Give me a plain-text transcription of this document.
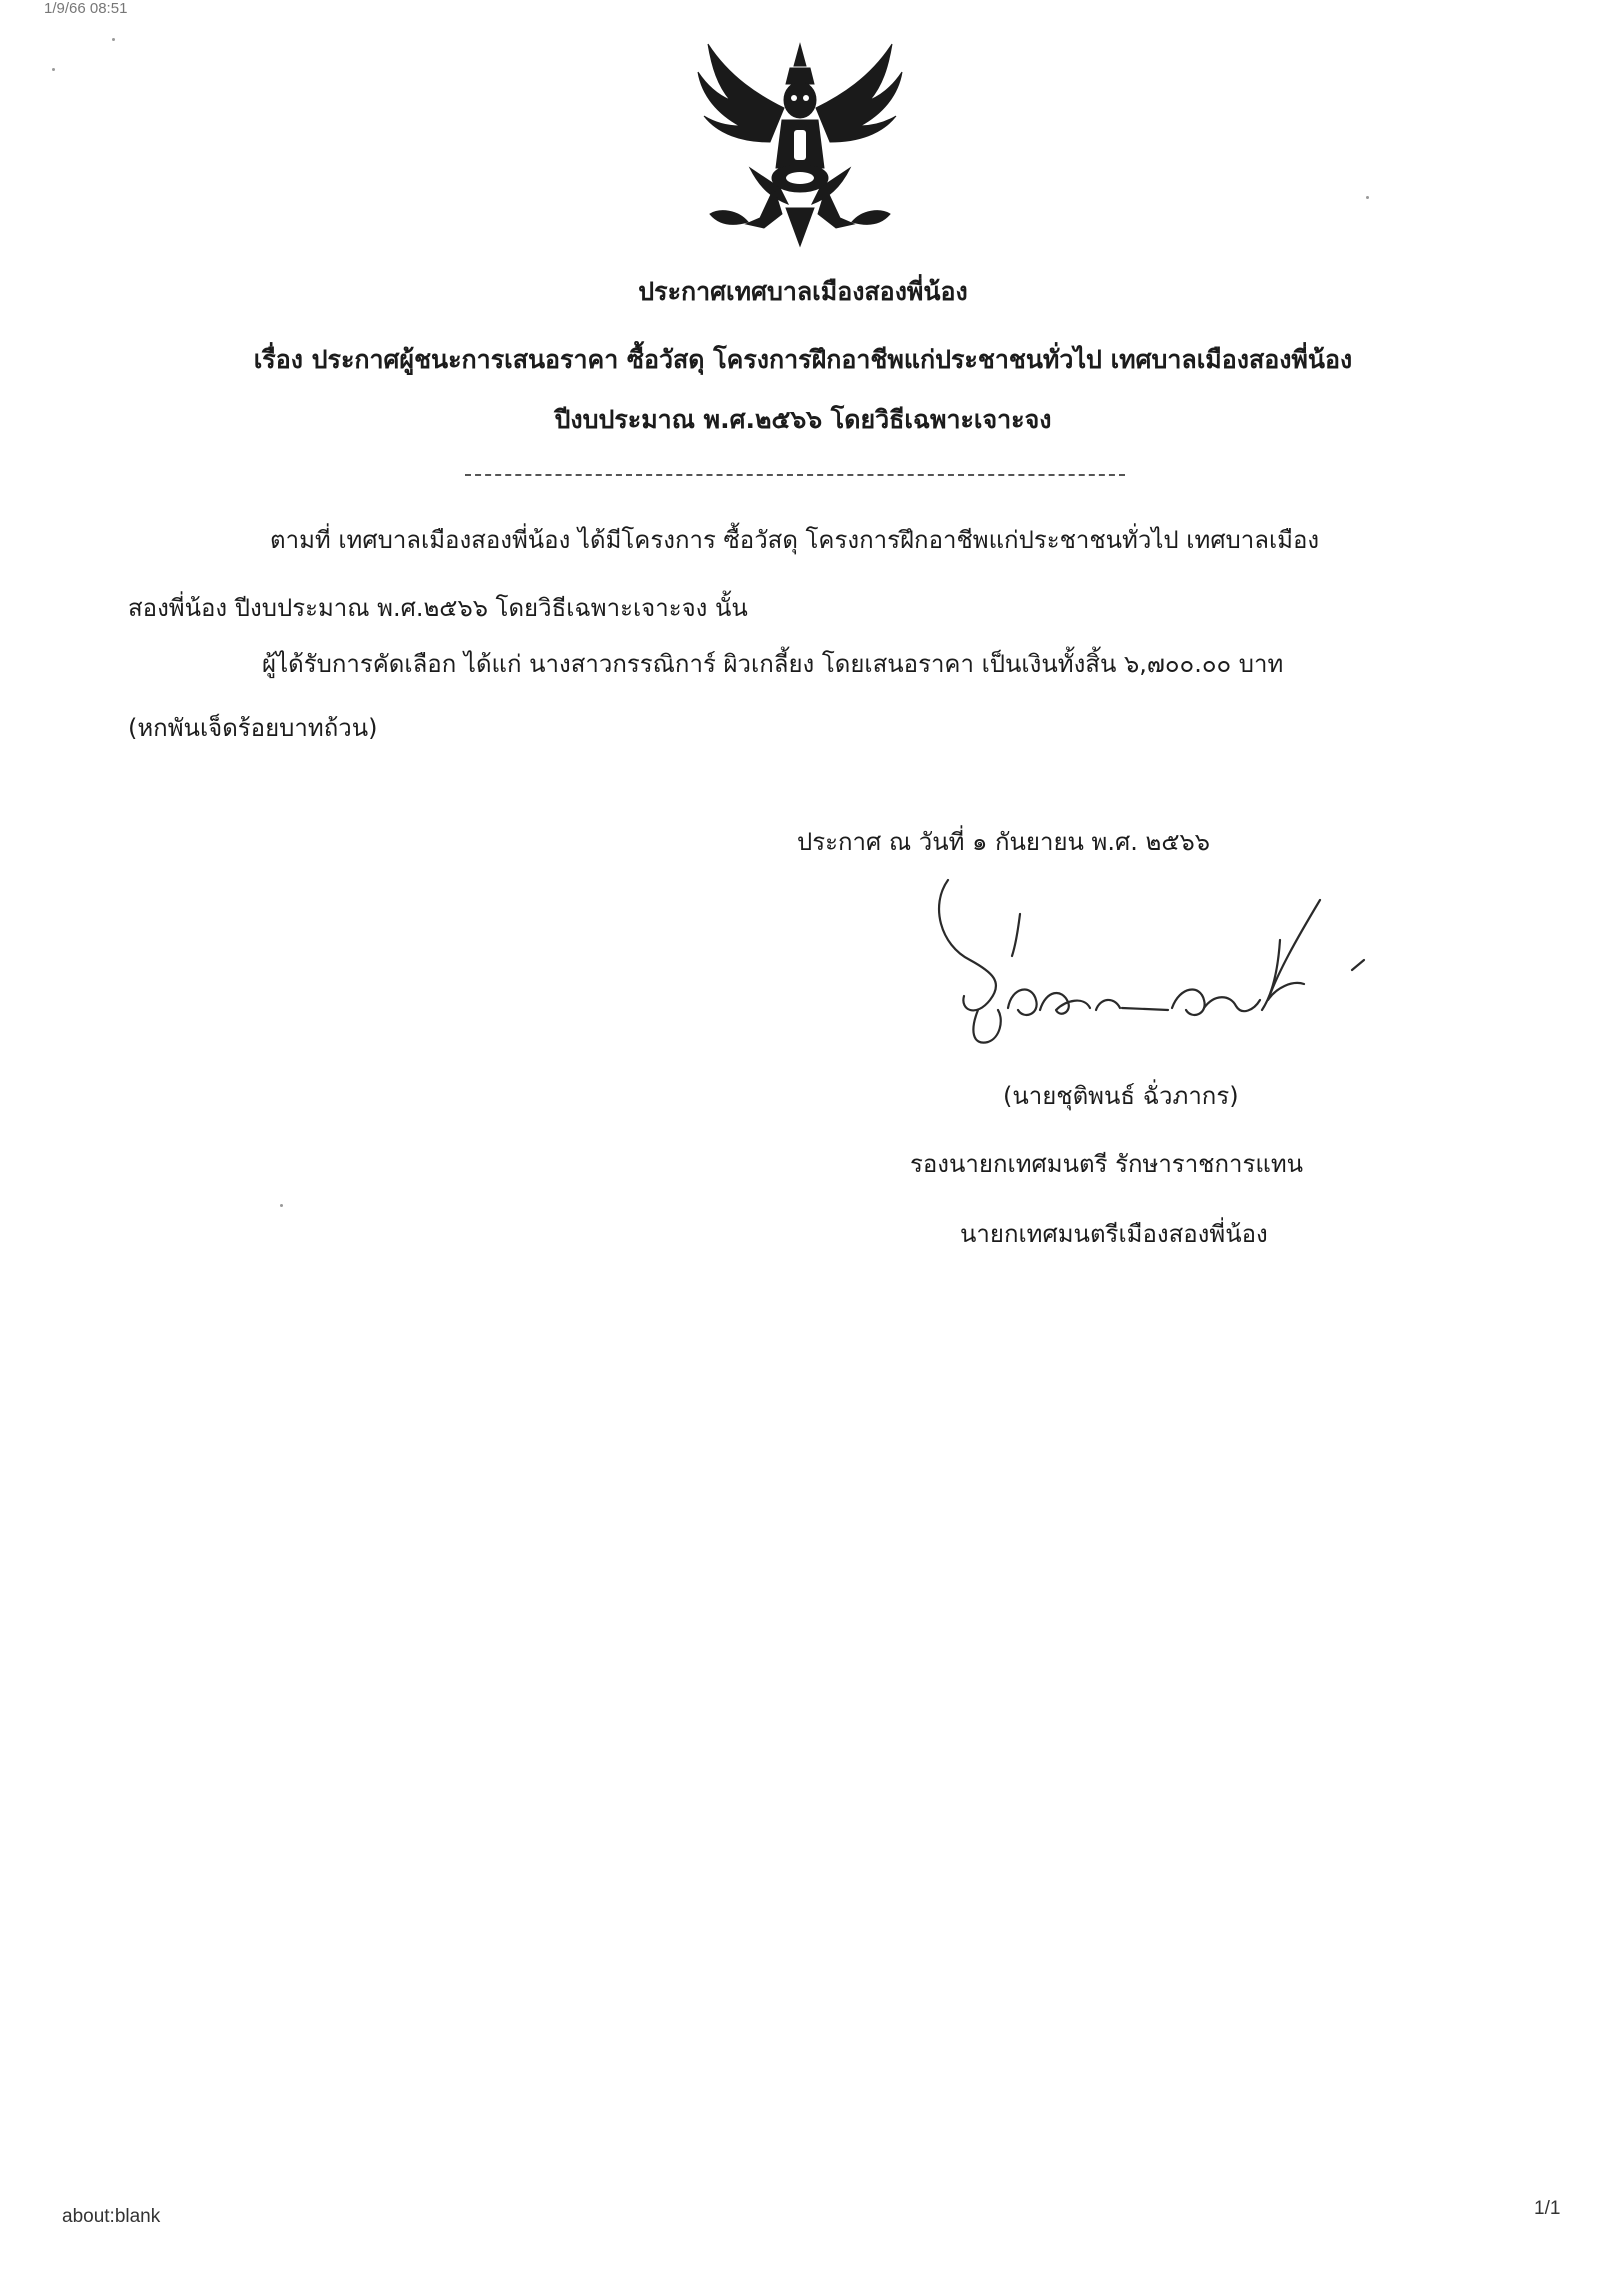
1/9/66 08:51
ประกาศเทศบาลเมืองสองพี่น้อง
เรื่อง ประกาศผู้ชนะการเสนอราคา ซื้อวัสดุ โครงการฝึกอาชีพแก่ประชาชนทั่วไป เทศบาลเมืองสองพี่น้อง
ปีงบประมาณ พ.ศ.๒๕๖๖ โดยวิธีเฉพาะเจาะจง
ตามที่ เทศบาลเมืองสองพี่น้อง ได้มีโครงการ ซื้อวัสดุ โครงการฝึกอาชีพแก่ประชาชนทั่วไป เทศบาลเมือง
สองพี่น้อง ปีงบประมาณ พ.ศ.๒๕๖๖ โดยวิธีเฉพาะเจาะจง นั้น
ผู้ได้รับการคัดเลือก ได้แก่ นางสาวกรรณิการ์ ผิวเกลี้ยง โดยเสนอราคา เป็นเงินทั้งสิ้น ๖,๗๐๐.๐๐ บาท
(หกพันเจ็ดร้อยบาทถ้วน)
ประกาศ ณ วันที่ ๑ กันยายน พ.ศ. ๒๕๖๖
(นายชุติพนธ์ ฉั่วภากร)
รองนายกเทศมนตรี รักษาราชการแทน
นายกเทศมนตรีเมืองสองพี่น้อง
about:blank	1/1
